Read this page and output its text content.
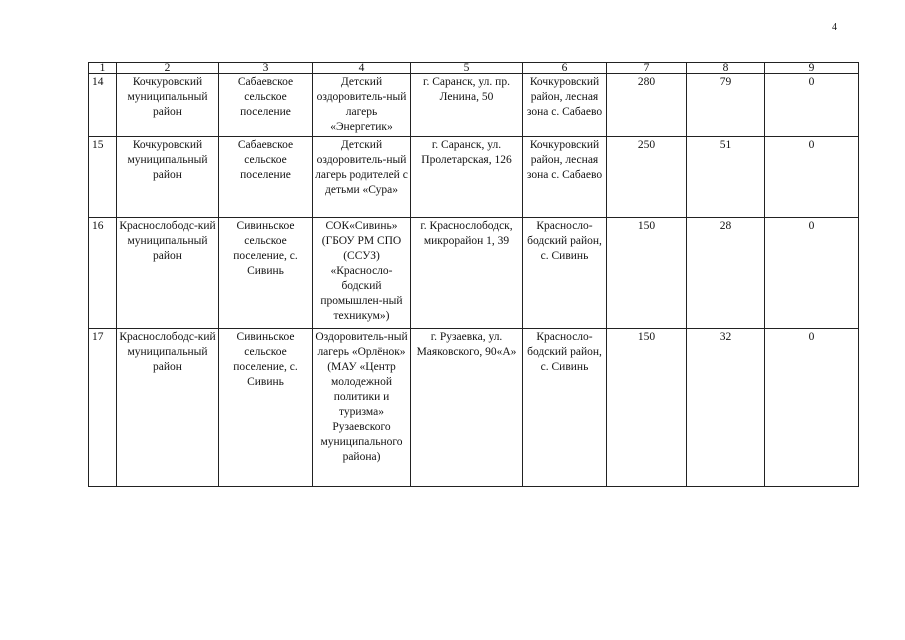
4
1	2	3	4	5	6	7	8	9
14	Кочкуровский муниципальный район	Сабаевское сельское поселение	Детский оздоровитель-ный лагерь «Энергетик»	г. Саранск, ул. пр. Ленина, 50	Кочкуровский район, лесная зона с. Сабаево	280	79	0
15	Кочкуровский муниципальный район	Сабаевское сельское поселение	Детский оздоровитель-ный лагерь родителей с детьми «Сура»	г. Саранск, ул. Пролетарская, 126	Кочкуровский район, лесная зона с. Сабаево	250	51	0
16	Краснослободс-кий муниципальный район	Сивиньское сельское поселение, с. Сивинь	СОК«Сивинь» (ГБОУ РМ СПО (ССУЗ) «Краснослo-бодский промышлен-ный техникум»)	г. Краснослободск, микрорайон 1, 39	Краснослo-бодский район, с. Сивинь	150	28	0
17	Краснослободс-кий муниципальный район	Сивиньское сельское поселение, с. Сивинь	Оздоровитель-ный лагерь «Орлёнок» (МАУ «Центр молодежной политики и туризма» Рузаевского муниципального района)	г. Рузаевка, ул. Маяковского, 90«А»	Краснослo-бодский район, с. Сивинь	150	32	0
